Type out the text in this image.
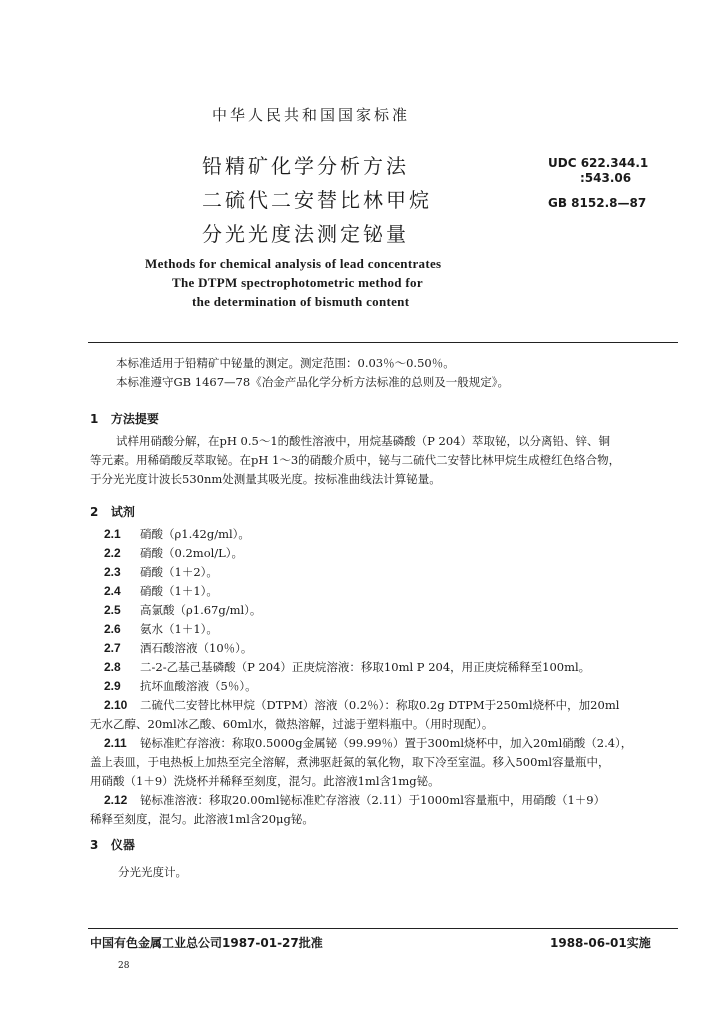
中华人民共和国国家标准
铅精矿化学分析方法
二硫代二安替比林甲烷
分光光度法测定铋量
UDC 622.344.1
:543.06
GB 8152.8—87
Methods for chemical analysis of lead concentrates
The DTPM spectrophotometric method for
the determination of bismuth content
本标准适用于铅精矿中铋量的测定。测定范围：0.03％～0.50％。
本标准遵守GB 1467—78《冶金产品化学分析方法标准的总则及一般规定》。
1 方法提要
试样用硝酸分解，在pH 0.5～1的酸性溶液中，用烷基磷酸（P 204）萃取铋，以分离铅、锌、铜
等元素。用稀硝酸反萃取铋。在pH 1～3的硝酸介质中，铋与二硫代二安替比林甲烷生成橙红色络合物，
于分光光度计波长530nm处测量其吸光度。按标准曲线法计算铋量。
2 试剂
2.1 硝酸（ρ1.42g/ml）。
2.2 硝酸（0.2mol/L）。
2.3 硝酸（1＋2）。
2.4 硝酸（1＋1）。
2.5 高氯酸（ρ1.67g/ml）。
2.6 氨水（1＋1）。
2.7 酒石酸溶液（10％）。
2.8 二-2-乙基己基磷酸（P 204）正庚烷溶液：移取10ml P 204，用正庚烷稀释至100ml。
2.9 抗坏血酸溶液（5％）。
2.10 二硫代二安替比林甲烷（DTPM）溶液（0.2％）：称取0.2g DTPM于250ml烧杯中，加20ml
无水乙醇、20ml冰乙酸、60ml水，微热溶解，过滤于塑料瓶中。（用时现配）。
2.11 铋标准贮存溶液：称取0.5000g金属铋（99.99％）置于300ml烧杯中，加入20ml硝酸（2.4），
盖上表皿，于电热板上加热至完全溶解，煮沸驱赶氮的氧化物，取下冷至室温。移入500ml容量瓶中，
用硝酸（1＋9）洗烧杯并稀释至刻度，混匀。此溶液1ml含1mg铋。
2.12 铋标准溶液：移取20.00ml铋标准贮存溶液（2.11）于1000ml容量瓶中，用硝酸（1＋9）
稀释至刻度，混匀。此溶液1ml含20μg铋。
3 仪器
分光光度计。
中国有色金属工业总公司1987-01-27批准	1988-06-01实施
28
